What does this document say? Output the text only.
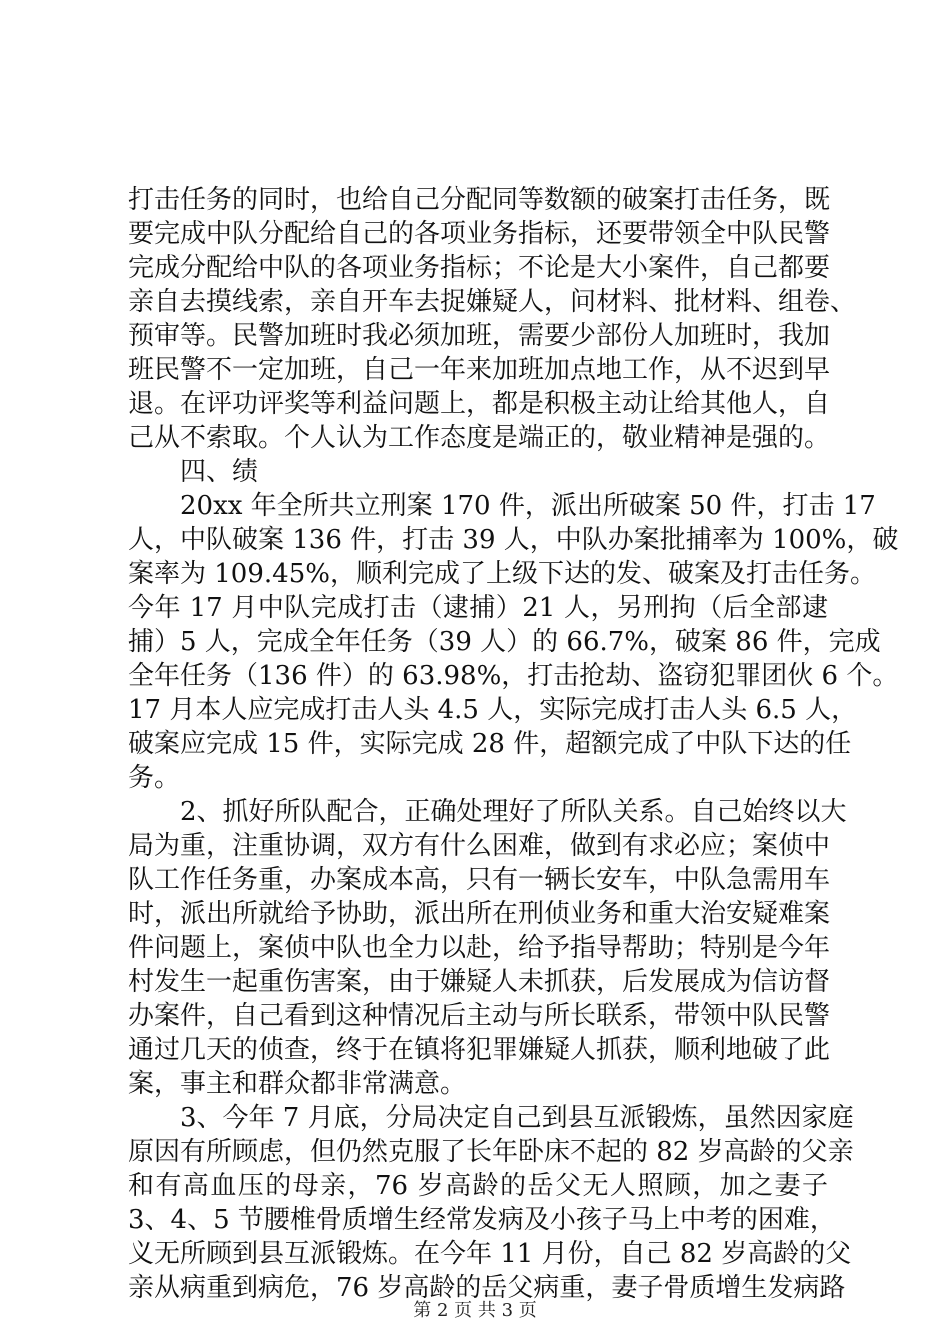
打击任务的同时，也给自己分配同等数额的破案打击任务，既
要完成中队分配给自己的各项业务指标，还要带领全中队民警
完成分配给中队的各项业务指标；不论是大小案件，自己都要
亲自去摸线索，亲自开车去捉嫌疑人，问材料、批材料、组卷、
预审等。民警加班时我必须加班，需要少部份人加班时，我加
班民警不一定加班，自己一年来加班加点地工作，从不迟到早
退。在评功评奖等利益问题上，都是积极主动让给其他人，自
己从不索取。个人认为工作态度是端正的，敬业精神是强的。
四、绩
20xx 年全所共立刑案 170 件，派出所破案 50 件，打击 17
人，中队破案 136 件，打击 39 人，中队办案批捕率为 100%，破
案率为 109.45%，顺利完成了上级下达的发、破案及打击任务。
今年 17 月中队完成打击（逮捕）21 人，另刑拘（后全部逮
捕）5 人，完成全年任务（39 人）的 66.7%，破案 86 件，完成
全年任务（136 件）的 63.98%，打击抢劫、盗窃犯罪团伙 6 个。
17 月本人应完成打击人头 4.5 人，实际完成打击人头 6.5 人，
破案应完成 15 件，实际完成 28 件，超额完成了中队下达的任
务。
2、抓好所队配合，正确处理好了所队关系。自己始终以大
局为重，注重协调，双方有什么困难，做到有求必应；案侦中
队工作任务重，办案成本高，只有一辆长安车，中队急需用车
时，派出所就给予协助，派出所在刑侦业务和重大治安疑难案
件问题上，案侦中队也全力以赴，给予指导帮助；特别是今年
村发生一起重伤害案，由于嫌疑人未抓获，后发展成为信访督
办案件，自己看到这种情况后主动与所长联系，带领中队民警
通过几天的侦查，终于在镇将犯罪嫌疑人抓获，顺利地破了此
案，事主和群众都非常满意。
3、今年 7 月底，分局决定自己到县互派锻炼，虽然因家庭
原因有所顾虑，但仍然克服了长年卧床不起的 82 岁高龄的父亲
和有高血压的母亲，76 岁高龄的岳父无人照顾，加之妻子
3、4、5 节腰椎骨质增生经常发病及小孩子马上中考的困难，
义无所顾到县互派锻炼。在今年 11 月份，自己 82 岁高龄的父
亲从病重到病危，76 岁高龄的岳父病重，妻子骨质增生发病路
第 2 页 共 3 页
